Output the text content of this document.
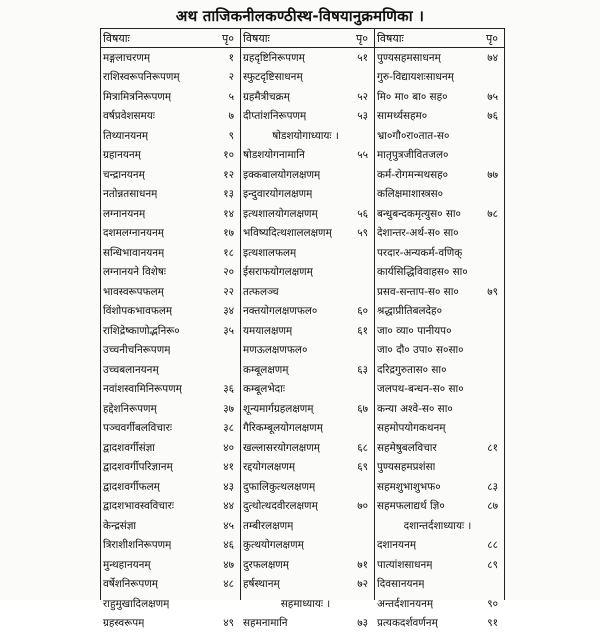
अथ ताजिकनीलकण्ठीस्थ-विषयानुक्रमणिका ।
विषयाः	पृ०
मङ्गलाचरणम्	१
राशिस्वरूपनिरूपणम्	२
मित्रामित्रनिरूपणम्	५
वर्षप्रवेशसमयः	७
तिथ्यानयनम्	९
ग्रहानयनम्	१०
चन्द्रानयनम्	१२
नतोन्नतसाधनम्	१३
लग्नानयनम्	१४
दशमलग्नानयनम्	१७
सन्धिभावानयनम्	१८
लग्नानयने विशेषः	२०
भावस्वरूपफलम्	२२
विंशोपकभावफलम्	३४
राशिद्रेष्काणोद्भनिरू०	३५
उच्चनीचनिरूपणम्
उच्चबलानयनम्
नवांशस्वामिनिरूपणम्	३६
हद्देशनिरूपणम्	३७
पञ्चवर्गीबलविचारः	३८
द्वादशवर्गीसंज्ञा	४०
द्वादशवर्गीपरिज्ञानम्	४१
द्वादशवर्गीफलम्	४३
द्वादशभावस्वविचारः	४४
केन्द्रसंज्ञा	४५
त्रिराशीशनिरूपणम्	४६
मुन्थहानयनम्	४७
वर्षेशनिरूपणम्	४८
राहुमुखादिलक्षणम्
ग्रहस्वरूपम्	४९
विषयाः	पृ०
ग्रहदृष्टिनिरूपणम्	५१
स्फुटदृष्टिसाधनम्
ग्रहमैत्रीचक्रम्	५२
दीप्तांशनिरूपणम्	५३
षोडशयोगाध्यायः ।
षोडशयोगनामानि	५५
इक्कबालयोगलक्षणम्
इन्दुवारयोगलक्षणम्
इत्थशालयोगलक्षणम्	५६
भविष्यदित्थशाललक्षणम्	५९
इत्थशालफलम्
ईसराफयोगलक्षणम्
तत्फलञ्च
नक्तयोगलक्षणफल०	६०
यमयालक्षणम्	६१
मणऊलक्षणफल०
कम्बूलक्षणम्	६३
कम्बूलभेदाः
शून्यमार्गग्रहलक्षणम्	६७
गैरिकम्बूलयोगलक्षणम्
खल्लासरयोगलक्षणम्	६८
रद्दयोगलक्षणम्	६९
दुफालिकुत्थलक्षणम्
दुत्थोत्थदवीरलक्षणम्	७०
तम्बीरलक्षणम्
कुत्थयोगलक्षणम्
दुरफलक्षणम्	७१
हर्षस्थानम्	७२
सहमाध्यायः ।
सहमनामानि	७३
विषयाः	पृ०
पुण्यसहमसाधनम्	७४
गुरु-विद्यायशःसाधनम्
मि० मा० बा० सह०	७५
सामर्थ्यसहम०	७६
भ्रा०गौ०रा०तात-स०
मातृपुत्रजीवितजल०
कर्म-रोगमन्मथसह०	७७
कलिक्षमाशास्त्रस०
बन्धुबन्दकमृत्युस० सा०	७८
देशान्तर-अर्थ-स० सा०
परदार-अन्यकर्म-वणिक्
कार्यसिद्धिविवाहस० सा०
प्रसव-सन्ताप-स० सा०	७९
श्रद्धाप्रीतिबलदेह०
जा० व्या० पानीयप०
जा० दौ० उपा० स०सा०
दरिद्रगुरुतास० सा०
जलपथ-बन्धन-स० सा०
कन्या अश्वे-स० सा०
सहमोपयोगकथनम्
सहमेषुबलविचार	८१
पुण्यसहमप्रशंसा
सहमशुभाशुभफ०	८३
सहमफलाद्यर्थ ज्ञि०	८७
दशान्तर्दशाध्यायः ।
दशानयनम्	८८
पात्यांशसाधनम्	८९
दिवसानयनम्
अन्तर्दशानयनम्	९०
प्रत्यकदर्शवर्णनम्	९१
